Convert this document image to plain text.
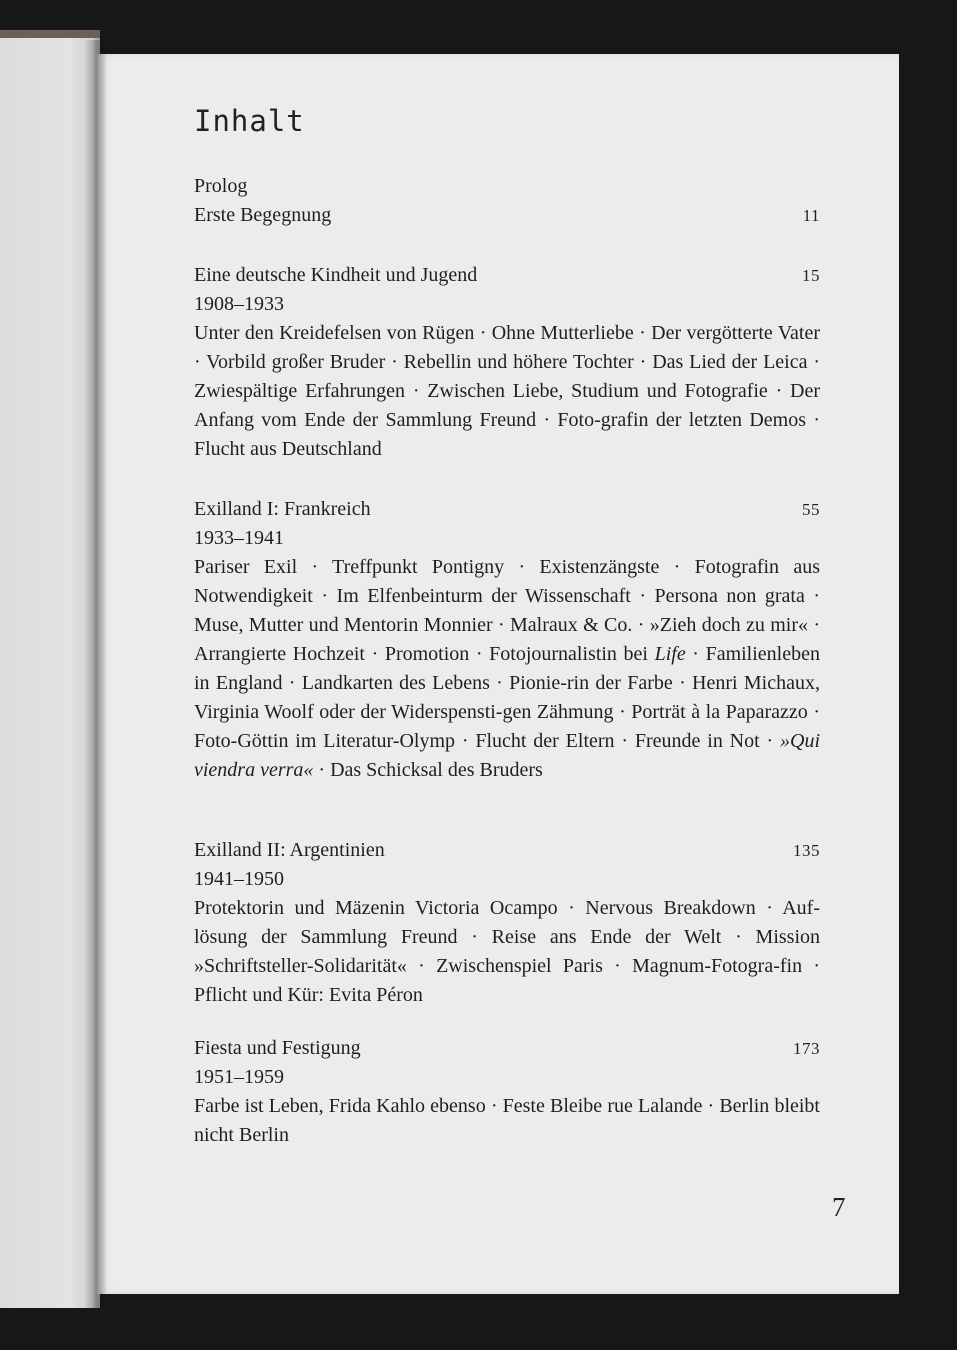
Inhalt
Prolog
Erste Begegnung	11
Eine deutsche Kindheit und Jugend	15
1908–1933

Unter den Kreidefelsen von Rügen · Ohne Mutterliebe · Der vergötterte Vater · Vorbild großer Bruder · Rebellin und höhere Tochter · Das Lied der Leica · Zwiespältige Erfahrungen · Zwischen Liebe, Studium und Fotografie · Der Anfang vom Ende der Sammlung Freund · Foto-grafin der letzten Demos · Flucht aus Deutschland

Exilland I: Frankreich	55
1933–1941

Pariser Exil · Treffpunkt Pontigny · Existenzängste · Fotografin aus Notwendigkeit · Im Elfenbeinturm der Wissenschaft · Persona non grata · Muse, Mutter und Mentorin Monnier · Malraux & Co. · »Zieh doch zu mir« · Arrangierte Hochzeit · Promotion · Fotojournalistin bei Life · Familienleben in England · Landkarten des Lebens · Pionie-rin der Farbe · Henri Michaux, Virginia Woolf oder der Widerspensti-gen Zähmung · Porträt à la Paparazzo · Foto-Göttin im Literatur-Olymp · Flucht der Eltern · Freunde in Not · »Qui viendra verra« · Das Schicksal des Bruders

Exilland II: Argentinien	135
1941–1950

Protektorin und Mäzenin Victoria Ocampo · Nervous Breakdown · Auf-lösung der Sammlung Freund · Reise ans Ende der Welt · Mission »Schriftsteller-Solidarität« · Zwischenspiel Paris · Magnum-Fotogra-fin · Pflicht und Kür: Evita Péron

Fiesta und Festigung	173
1951–1959

Farbe ist Leben, Frida Kahlo ebenso · Feste Bleibe rue Lalande · Berlin bleibt nicht Berlin

7
